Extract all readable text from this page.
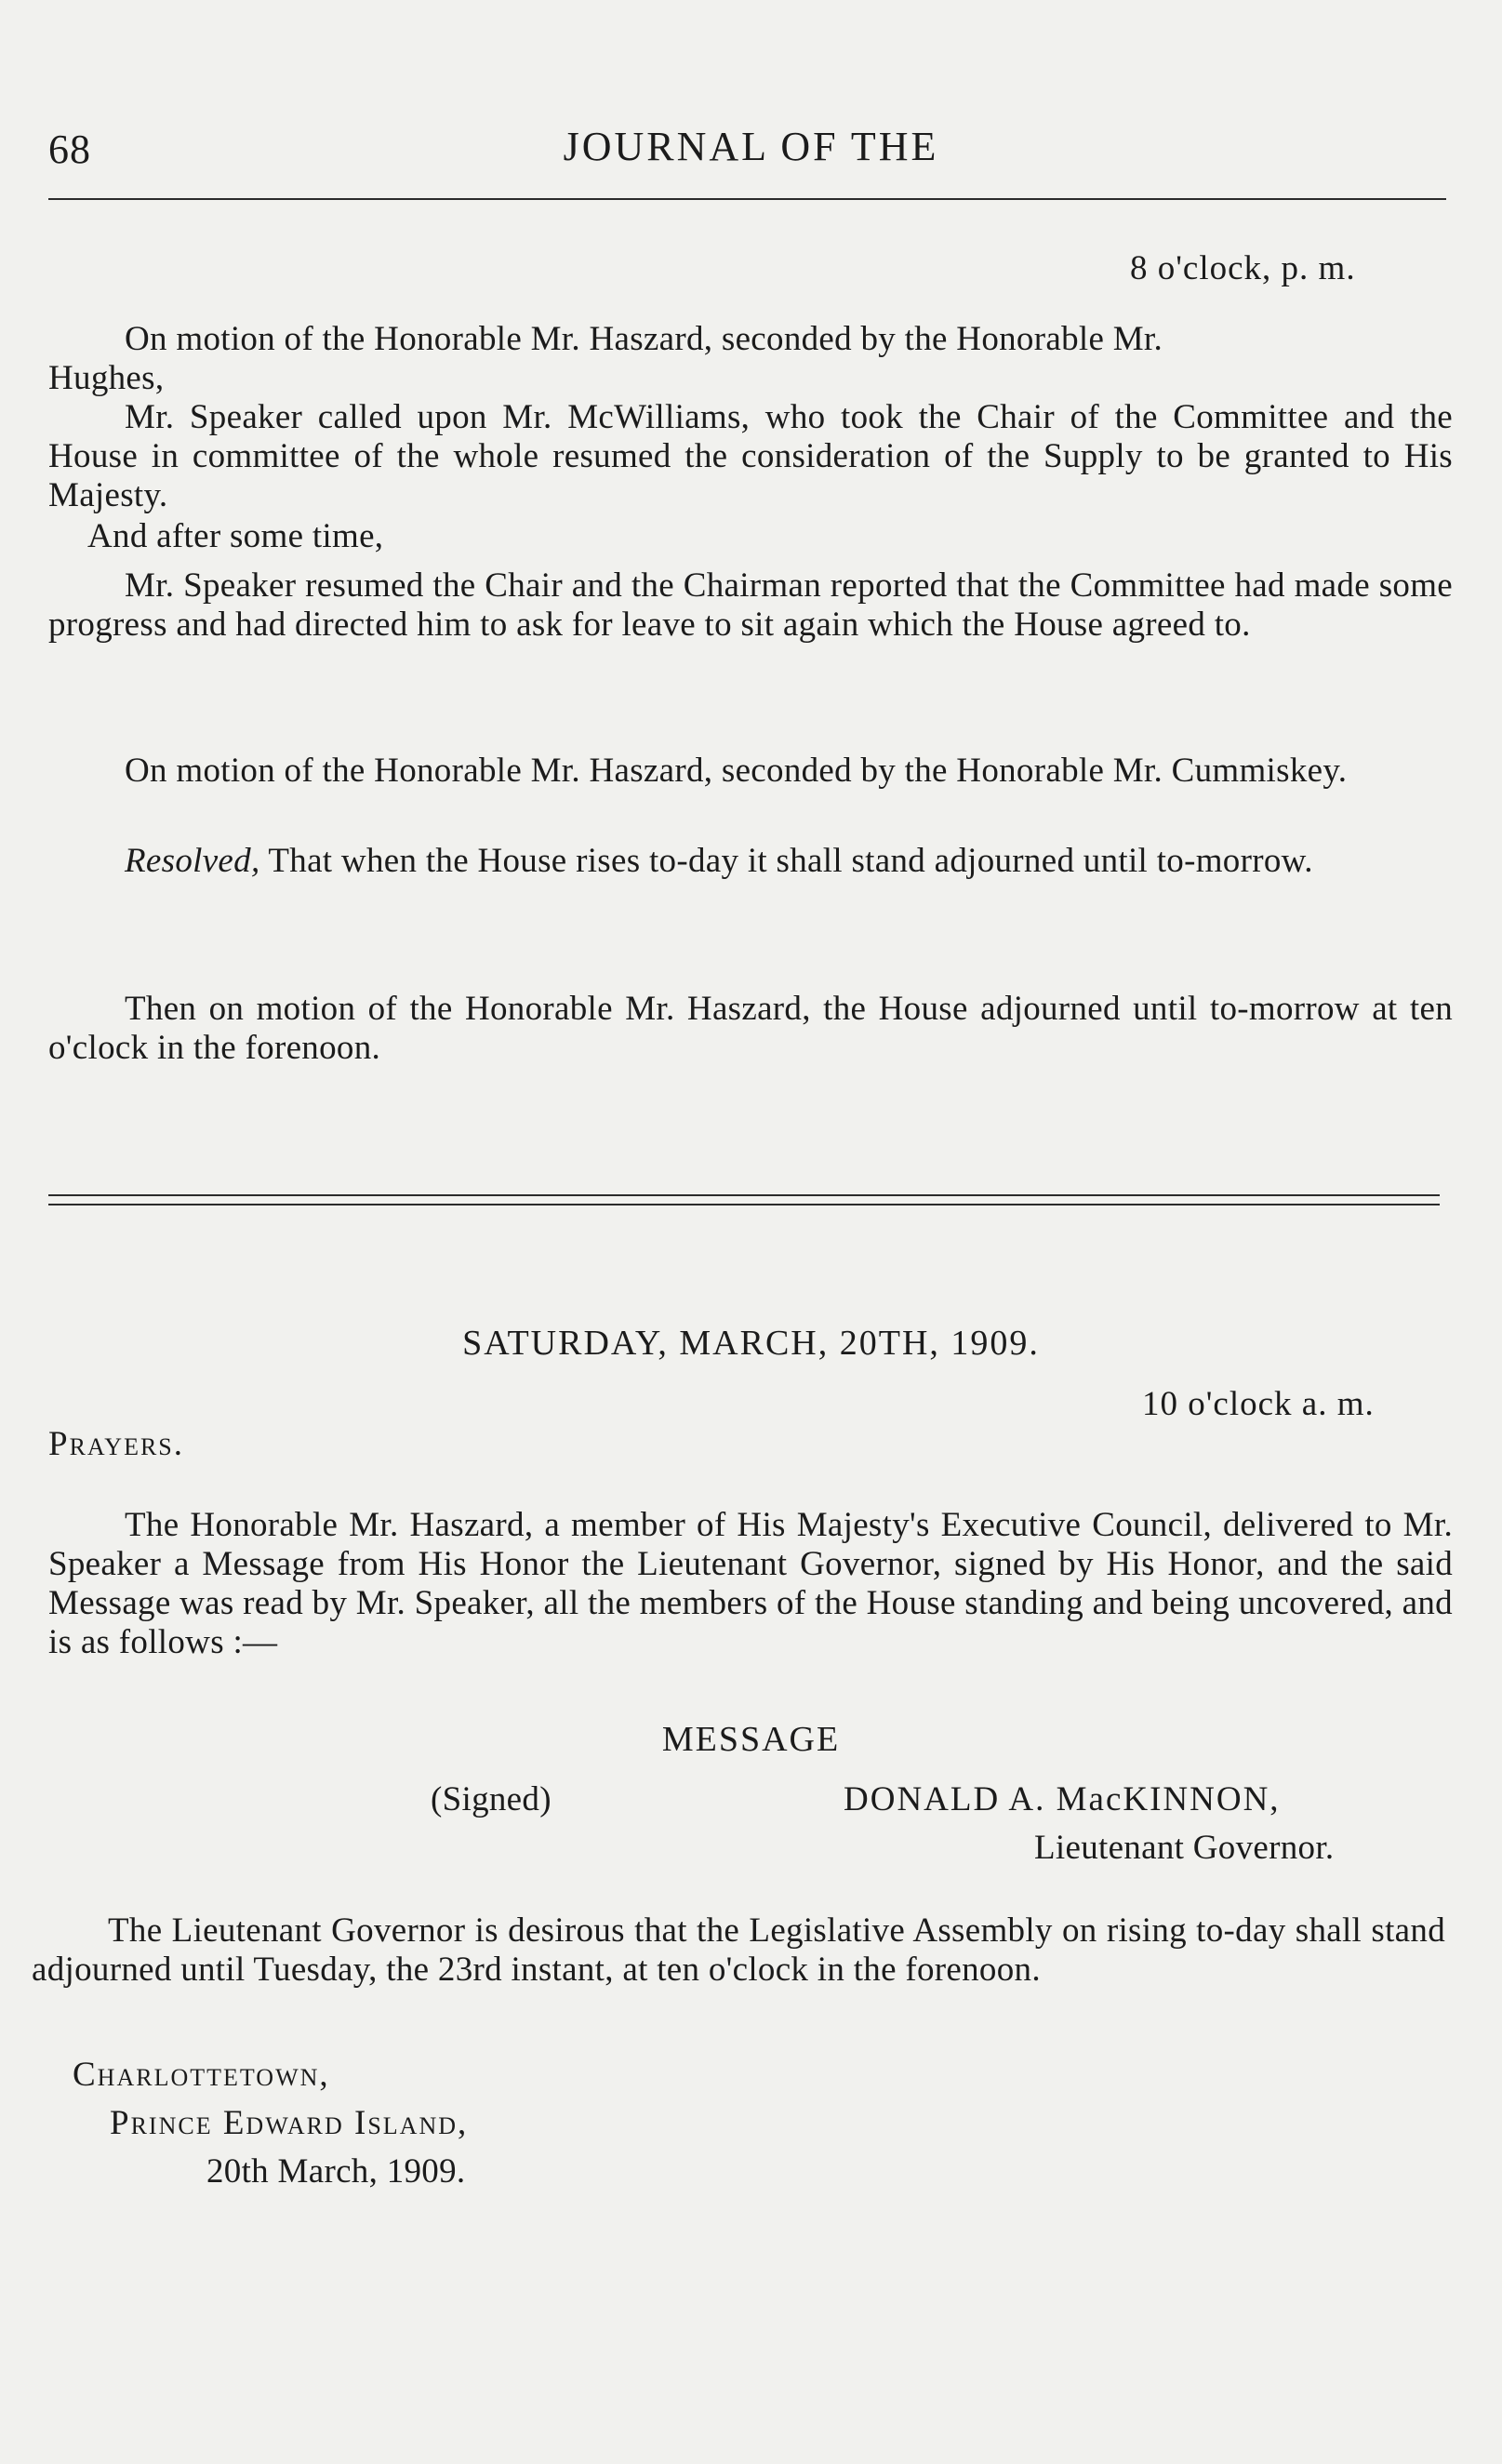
68	JOURNAL OF THE
8 o'clock, p. m.
On motion of the Honorable Mr. Haszard, seconded by the Honorable Mr.
Hughes,
Mr. Speaker called upon Mr. McWilliams, who took the Chair of the Committee and the House in committee of the whole resumed the consideration of the Supply to be granted to His Majesty.
And after some time,
Mr. Speaker resumed the Chair and the Chairman reported that the Committee had made some progress and had directed him to ask for leave to sit again which the House agreed to.
On motion of the Honorable Mr. Haszard, seconded by the Honorable Mr. Cummiskey.
Resolved, That when the House rises to-day it shall stand adjourned until to-morrow.
Then on motion of the Honorable Mr. Haszard, the House adjourned until to-morrow at ten o'clock in the forenoon.
SATURDAY, MARCH, 20TH, 1909.
10 o'clock a. m.
Prayers.
The Honorable Mr. Haszard, a member of His Majesty's Executive Council, delivered to Mr. Speaker a Message from His Honor the Lieutenant Governor, signed by His Honor, and the said Message was read by Mr. Speaker, all the members of the House standing and being uncovered, and is as follows :—
MESSAGE
(Signed)	DONALD A. MacKINNON,
Lieutenant Governor.
The Lieutenant Governor is desirous that the Legislative Assembly on rising to-day shall stand adjourned until Tuesday, the 23rd instant, at ten o'clock in the forenoon.
Charlottetown,
Prince Edward Island,
20th March, 1909.
